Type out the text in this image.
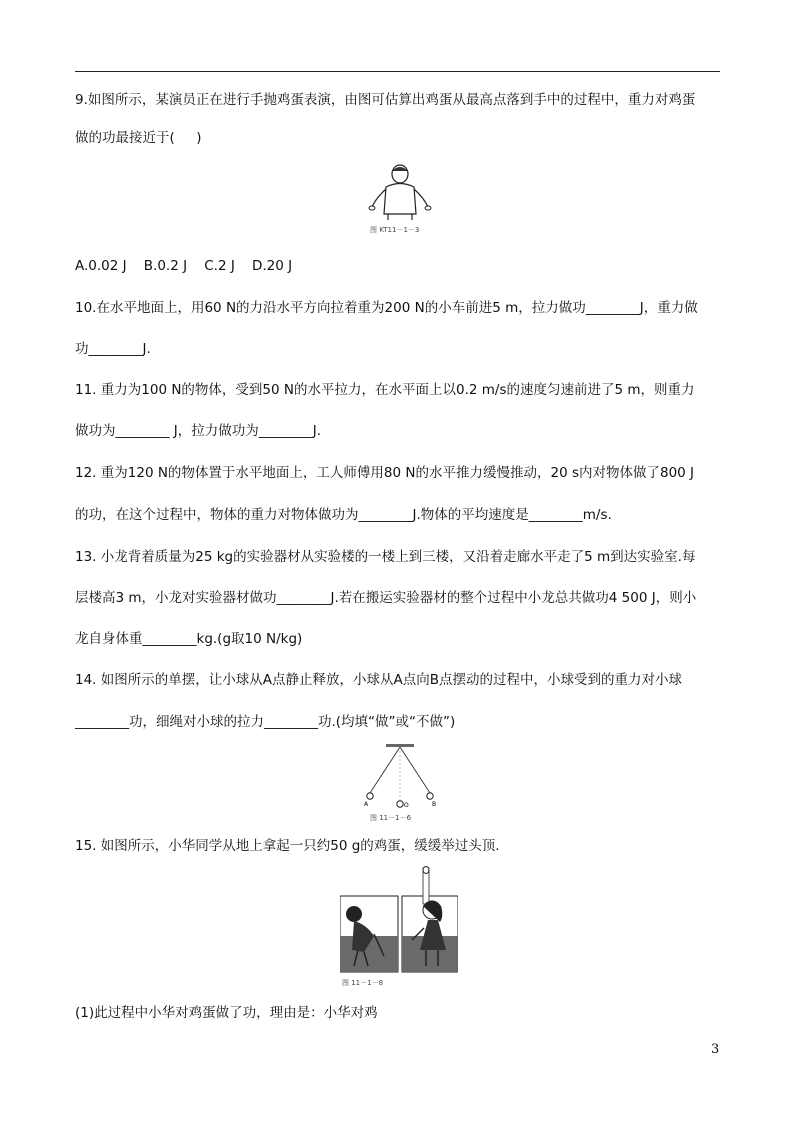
9.如图所示，某演员正在进行手抛鸡蛋表演，由图可估算出鸡蛋从最高点落到手中的过程中，重力对鸡蛋
做的功最接近于(     )
图 KT11－1－3
A.0.02 J    B.0.2 J    C.2 J    D.20 J
10.在水平地面上，用60 N的力沿水平方向拉着重为200 N的小车前进5 m，拉力做功________J，重力做
功________J.
11. 重力为100 N的物体，受到50 N的水平拉力，在水平面上以0.2 m/s的速度匀速前进了5 m，则重力
做功为________ J，拉力做功为________J.
12. 重为120 N的物体置于水平地面上，工人师傅用80 N的水平推力缓慢推动，20 s内对物体做了800 J
的功，在这个过程中，物体的重力对物体做功为________J.物体的平均速度是________m/s.
13. 小龙背着质量为25 kg的实验器材从实验楼的一楼上到三楼，又沿着走廊水平走了5 m到达实验室.每
层楼高3 m，小龙对实验器材做功________J.若在搬运实验器材的整个过程中小龙总共做功4 500 J，则小
龙自身体重________kg.(g取10 N/kg)
14. 如图所示的单摆，让小球从A点静止释放，小球从A点向B点摆动的过程中，小球受到的重力对小球
________功，细绳对小球的拉力________功.(均填“做”或“不做”)
A	O	B
图 11－1－6
15. 如图所示，小华同学从地上拿起一只约50 g的鸡蛋，缓缓举过头顶.
图 11－1－8
(1)此过程中小华对鸡蛋做了功，理由是：小华对鸡
3
